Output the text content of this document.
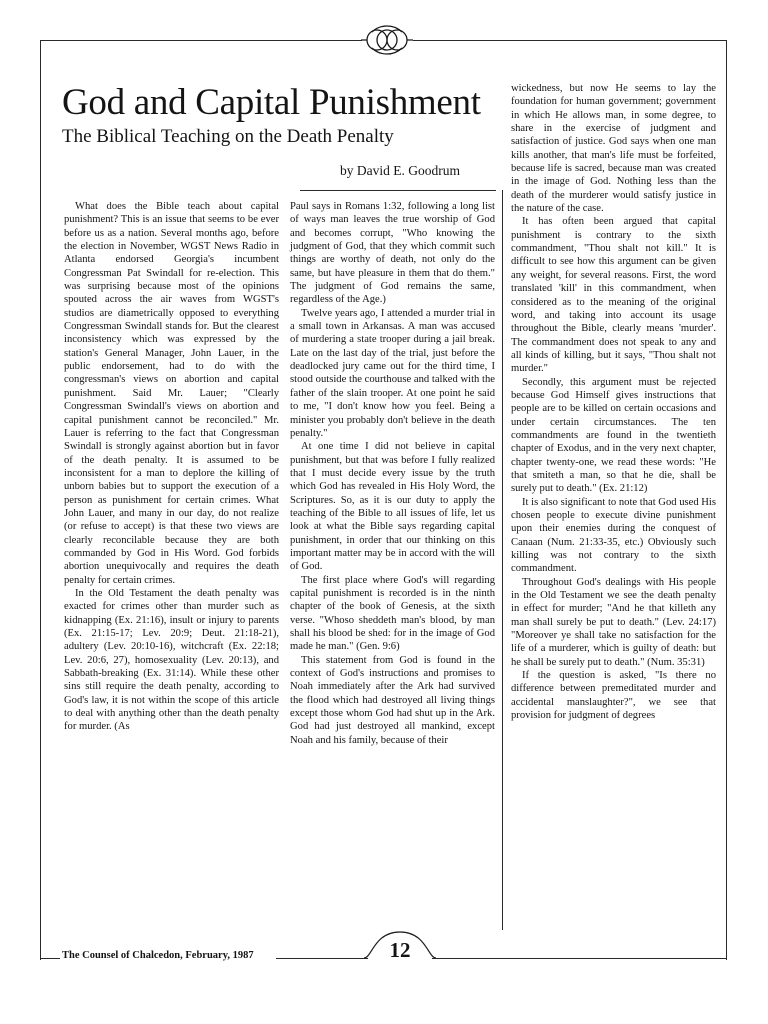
God and Capital Punishment
The Biblical Teaching on the Death Penalty
by David E. Goodrum

What does the Bible teach about capital punishment? This is an issue that seems to be ever before us as a nation. Several months ago, before the election in November, WGST News Radio in Atlanta endorsed Georgia's incumbent Congressman Pat Swindall for re-election. This was surprising because most of the opinions spouted across the air waves from WGST's studios are diametrically opposed to everything Congressman Swindall stands for. But the clearest inconsistency which was expressed by the station's General Manager, John Lauer, in the public endorsement, had to do with the congressman's views on abortion and capital punishment. Said Mr. Lauer; "Clearly Congressman Swindall's views on abortion and capital punishment cannot be reconciled." Mr. Lauer is referring to the fact that Congressman Swindall is strongly against abortion but in favor of the death penalty. It is assumed to be inconsistent for a man to deplore the killing of unborn babies but to support the execution of a person as punishment for certain crimes. What John Lauer, and many in our day, do not realize (or refuse to accept) is that these two views are clearly reconcilable because they are both commanded by God in His Word. God forbids abortion unequivocally and requires the death penalty for certain crimes.

In the Old Testament the death penalty was exacted for crimes other than murder such as kidnapping (Ex. 21:16), insult or injury to parents (Ex. 21:15-17; Lev. 20:9; Deut. 21:18-21), adultery (Lev. 20:10-16), witchcraft (Ex. 22:18; Lev. 20:6, 27), homosexuality (Lev. 20:13), and Sabbath-breaking (Ex. 31:14). While these other sins still require the death penalty, according to God's law, it is not within the scope of this article to deal with anything other than the death penalty for murder. (As

Paul says in Romans 1:32, following a long list of ways man leaves the true worship of God and becomes corrupt, "Who knowing the judgment of God, that they which commit such things are worthy of death, not only do the same, but have pleasure in them that do them." The judgment of God remains the same, regardless of the Age.)

Twelve years ago, I attended a murder trial in a small town in Arkansas. A man was accused of murdering a state trooper during a jail break. Late on the last day of the trial, just before the deadlocked jury came out for the third time, I stood outside the courthouse and talked with the father of the slain trooper. At one point he said to me, "I don't know how you feel. Being a minister you probably don't believe in the death penalty."

At one time I did not believe in capital punishment, but that was before I fully realized that I must decide every issue by the truth which God has revealed in His Holy Word, the Scriptures. So, as it is our duty to apply the teaching of the Bible to all issues of life, let us look at what the Bible says regarding capital punishment, in order that our thinking on this important matter may be in accord with the will of God.

The first place where God's will regarding capital punishment is recorded is in the ninth chapter of the book of Genesis, at the sixth verse. "Whoso sheddeth man's blood, by man shall his blood be shed: for in the image of God made he man." (Gen. 9:6)

This statement from God is found in the context of God's instructions and promises to Noah immediately after the Ark had survived the flood which had destroyed all living things except those whom God had shut up in the Ark. God had just destroyed all mankind, except Noah and his family, because of their

wickedness, but now He seems to lay the foundation for human government; government in which He allows man, in some degree, to share in the exercise of judgment and satisfaction of justice. God says when one man kills another, that man's life must be forfeited, because life is sacred, because man was created in the image of God. Nothing less than the death of the murderer would satisfy justice in the nature of the case.

It has often been argued that capital punishment is contrary to the sixth commandment, "Thou shalt not kill." It is difficult to see how this argument can be given any weight, for several reasons. First, the word translated 'kill' in this commandment, when considered as to the meaning of the original word, and taking into account its usage throughout the Bible, clearly means 'murder'. The commandment does not speak to any and all kinds of killing, but it says, "Thou shalt not murder."

Secondly, this argument must be rejected because God Himself gives instructions that people are to be killed on certain occasions and under certain circumstances. The ten commandments are found in the twentieth chapter of Exodus, and in the very next chapter, chapter twenty-one, we read these words: "He that smiteth a man, so that he die, shall be surely put to death." (Ex. 21:12)

It is also significant to note that God used His chosen people to execute divine punishment upon their enemies during the conquest of Canaan (Num. 21:33-35, etc.) Obviously such killing was not contrary to the sixth commandment.

Throughout God's dealings with His people in the Old Testament we see the death penalty in effect for murder; "And he that killeth any man shall surely be put to death." (Lev. 24:17) "Moreover ye shall take no satisfaction for the life of a murderer, which is guilty of death: but he shall be surely put to death." (Num. 35:31)

If the question is asked, "Is there no difference between premeditated murder and accidental manslaughter?", we see that provision for judgment of degrees

The Counsel of Chalcedon, February, 1987	12
